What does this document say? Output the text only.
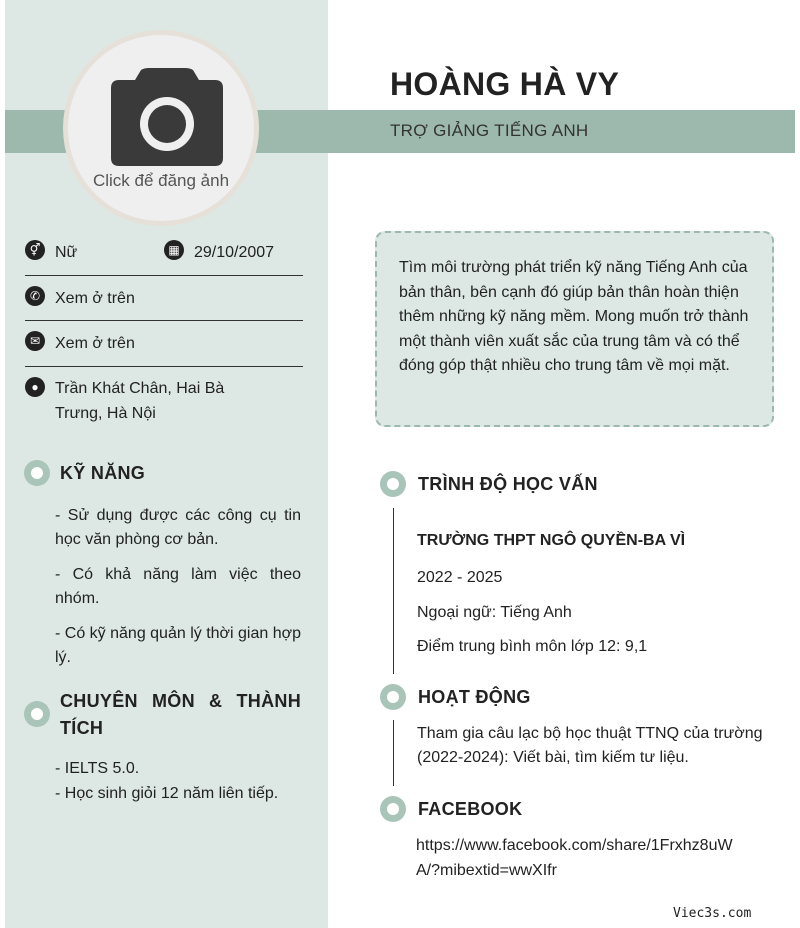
Click để đăng ảnh
HOÀNG HÀ VY
TRỢ GIẢNG TIẾNG ANH
⚥ Nữ	▦ 29/10/2007
✆ Xem ở trên
✉ Xem ở trên
●	Trần Khát Chân, Hai Bà Trưng, Hà Nội
KỸ NĂNG
- Sử dụng được các công cụ tin học văn phòng cơ bản.
- Có khả năng làm việc theo nhóm.
- Có kỹ năng quản lý thời gian hợp lý.
CHUYÊN MÔN & THÀNH TÍCH
- IELTS 5.0.
- Học sinh giỏi 12 năm liên tiếp.
Tìm môi trường phát triển kỹ năng Tiếng Anh của bản thân, bên cạnh đó giúp bản thân hoàn thiện thêm những kỹ năng mềm. Mong muốn trở thành một thành viên xuất sắc của trung tâm và có thể đóng góp thật nhiều cho trung tâm về mọi mặt.
TRÌNH ĐỘ HỌC VẤN
TRƯỜNG THPT NGÔ QUYỀN-BA VÌ
2022 - 2025
Ngoại ngữ: Tiếng Anh
Điểm trung bình môn lớp 12: 9,1
HOẠT ĐỘNG
Tham gia câu lạc bộ học thuật TTNQ của trường (2022-2024): Viết bài, tìm kiếm tư liệu.
FACEBOOK
https://www.facebook.com/share/1Frxhz8uW
A/?mibextid=wwXIfr
Viec3s.com
